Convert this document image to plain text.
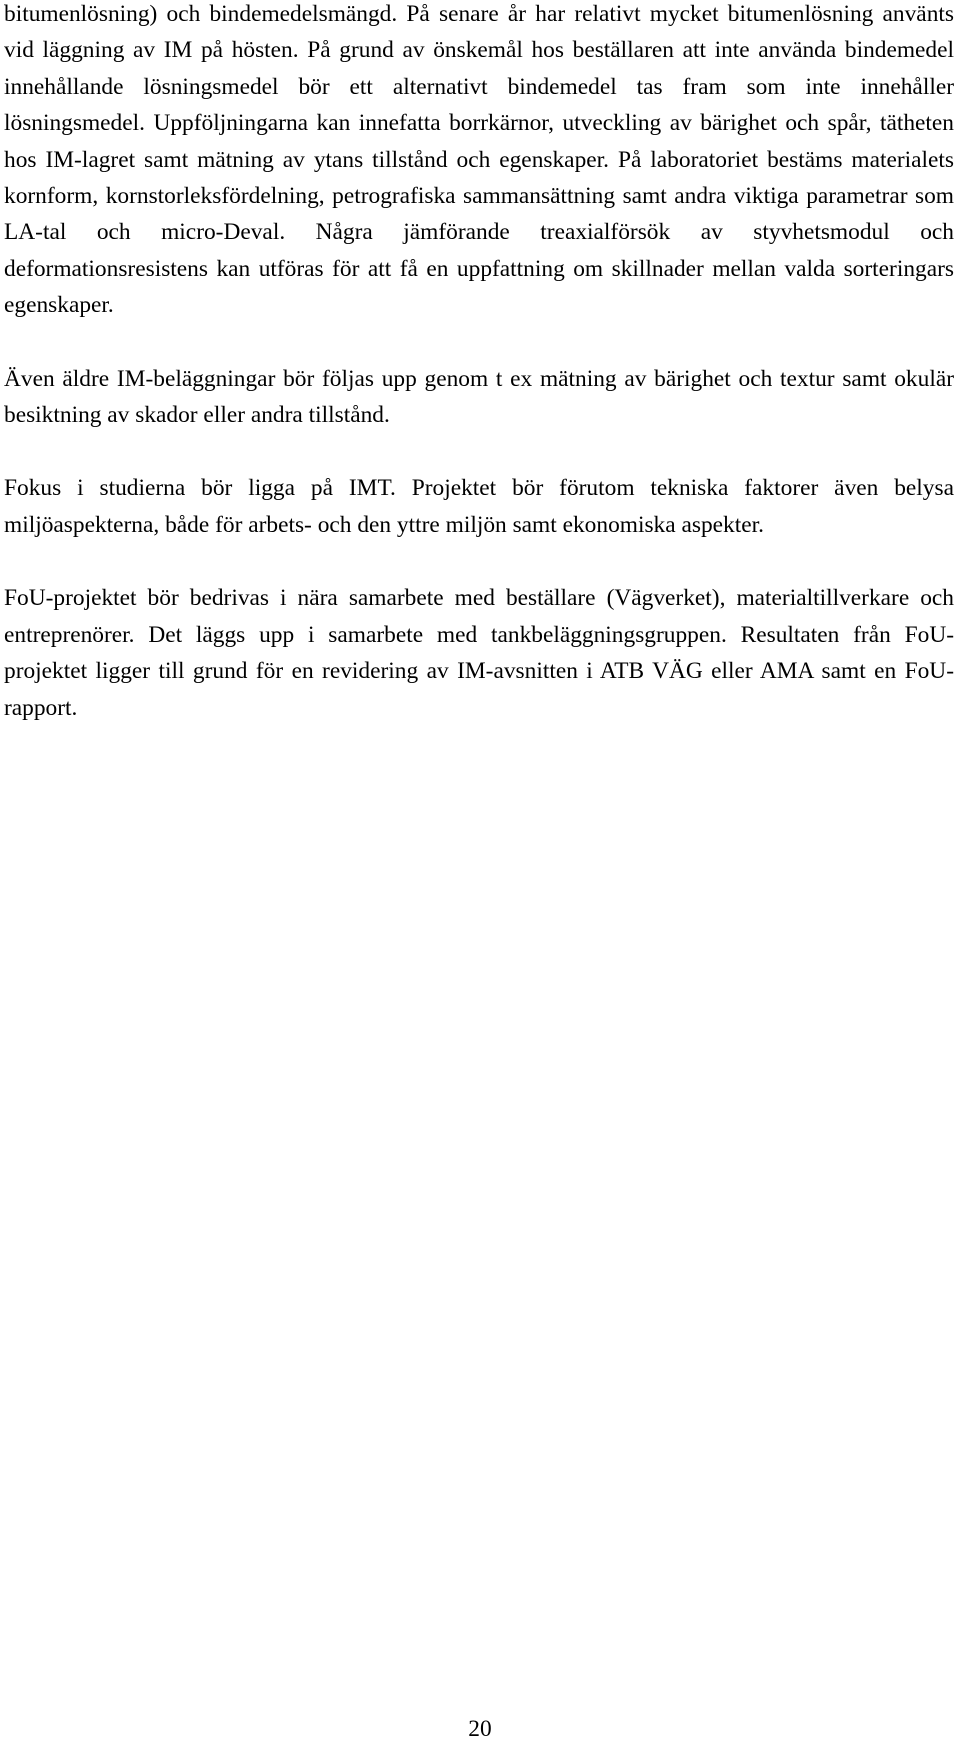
bitumenlösning) och bindemedelsmängd. På senare år har relativt mycket bitumenlösning använts vid läggning av IM på hösten. På grund av önskemål hos beställaren att inte använda bindemedel innehållande lösningsmedel bör ett alternativt bindemedel tas fram som inte innehåller lösningsmedel. Uppföljningarna kan innefatta borrkärnor, utveckling av bärighet och spår, tätheten hos IM-lagret samt mätning av ytans tillstånd och egenskaper. På laboratoriet bestäms materialets kornform, kornstorleksfördelning, petrografiska sammansättning samt andra viktiga parametrar som LA-tal och micro-Deval. Några jämförande treaxialförsök av styvhetsmodul och deformationsresistens kan utföras för att få en uppfattning om skillnader mellan valda sorteringars egenskaper.

Även äldre IM-beläggningar bör följas upp genom t ex mätning av bärighet och textur samt okulär besiktning av skador eller andra tillstånd.

Fokus i studierna bör ligga på IMT. Projektet bör förutom tekniska faktorer även belysa miljöaspekterna, både för arbets- och den yttre miljön samt ekonomiska aspekter.

FoU-projektet bör bedrivas i nära samarbete med beställare (Vägverket), materialtillverkare och entreprenörer. Det läggs upp i samarbete med tankbeläggningsgruppen. Resultaten från FoU-projektet ligger till grund för en revidering av IM-avsnitten i ATB VÄG eller AMA samt en FoU-rapport.

20
